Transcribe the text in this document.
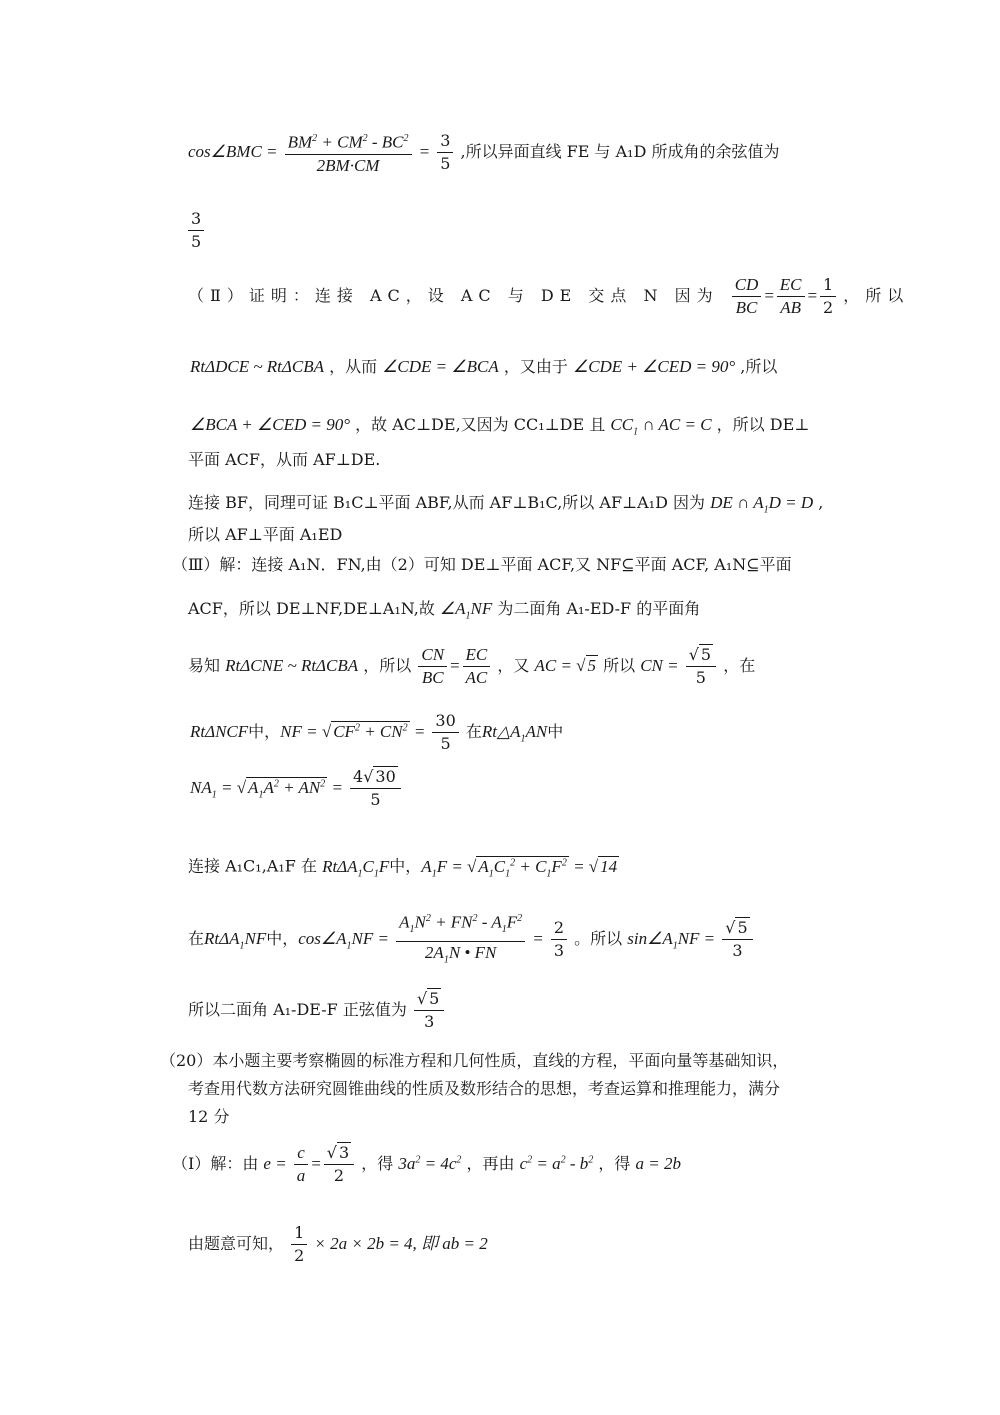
cos∠BMC = $\frac{BM^2 + CM^2 - BC^2}{2BM\cdot CM} = \frac{3}{5}$ ,所以异面直线 FE 与 A₁D 所成角的余弦值为
$\frac{3}{5}$
（Ⅱ）证明：连接 AC，设 AC 与 DE 交点 N 因为 $\frac{CD}{BC} = \frac{EC}{AB} = \frac{1}{2}$ ，所以
RtΔDCE ~ RtΔCBA ，从而 ∠CDE = ∠BCA ，又由于 ∠CDE + ∠CED = 90° ,所以
∠BCA + ∠CED = 90° ，故 AC⊥DE,又因为 CC₁⊥DE 且 $CC_1$ ∩ AC = C ，所以 DE⊥
平面 ACF，从而 AF⊥DE.
连接 BF，同理可证 B₁C⊥平面 ABF,从而 AF⊥B₁C,所以 AF⊥A₁D 因为 DE ∩ $A_1D = D$ ,
所以 AF⊥平面 A₁ED
（Ⅲ）解：连接 A₁N．FN,由（2）可知 DE⊥平面 ACF,又 NF⊆平面 ACF, A₁N⊆平面
ACF，所以 DE⊥NF,DE⊥A₁N,故 $\angle A_1NF$ 为二面角 A₁-ED-F 的平面角
易知 RtΔCNE ~ RtΔCBA ，所以 $\frac{CN}{BC} = \frac{EC}{AC}$ ，又 AC = √ 5 所以 CN = $\frac{√ 5}{5}$ ，在
RtΔNCF中，NF = √ $CF^2 + CN^2 = \frac{30}{5}$ 在$Rt\triangle A_1AN$中
$NA_1$ = √ $A_1A^2 + AN^2 = \frac{4√ 30}{5}$
连接 A₁C₁,A₁F 在 $Rt\Delta A_1C_1F$中，$A_1F$ = √ $A_1C_1^2 + C_1F^2$ = √ 14
在RtΔA$_1$NF中，$\cos\angle A_1NF = \frac{A_1N^2 + FN^2 - A_1F^2}{2A_1N • FN} = \frac{2}{3}$ 。所以 $\sin\angle A_1NF = \frac{√ 5}{3}$
所以二面角 A₁-DE-F 正弦值为 $\frac{√ 5}{3}$
（20）本小题主要考察椭圆的标准方程和几何性质，直线的方程，平面向量等基础知识，
考查用代数方法研究圆锥曲线的性质及数形结合的思想，考查运算和推理能力，满分
12 分
（Ⅰ）解：由 $e = \frac{c}{a} = \frac{√ 3}{2}$ ，得 $3a^2 = 4c^2$ ，再由 $c^2 = a^2 - b^2$ ，得 a = 2b
由题意可知， $\frac{1}{2} \times 2a \times 2b = 4$, 即 ab = 2
